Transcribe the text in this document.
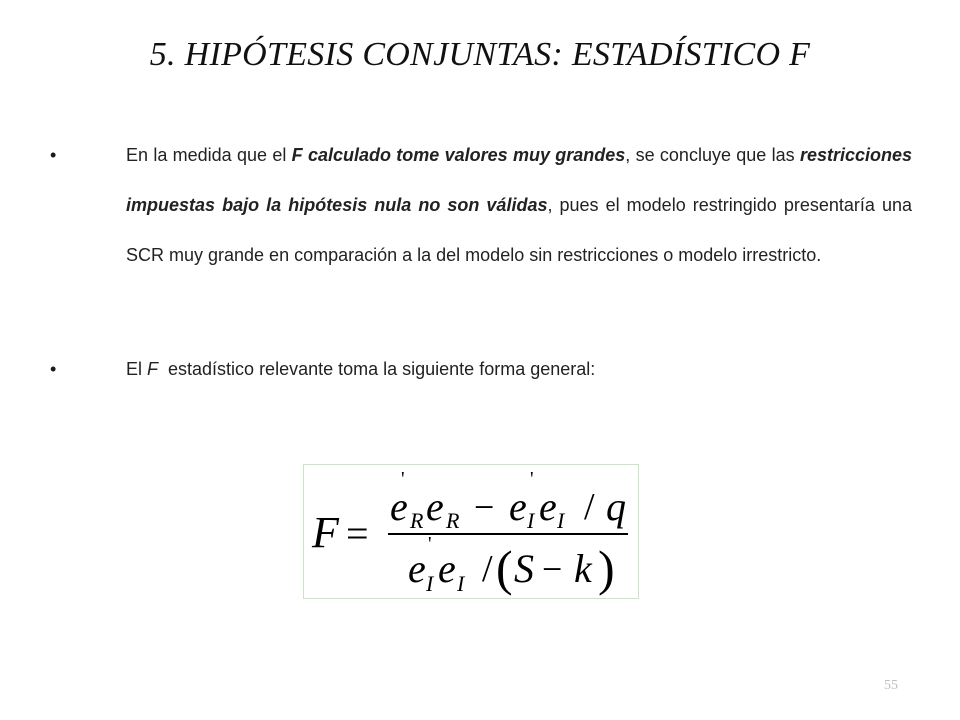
5. HIPÓTESIS CONJUNTAS: ESTADÍSTICO F
•	En la medida que el F calculado tome valores muy grandes, se concluye que las restricciones impuestas bajo la hipótesis nula no son válidas, pues el modelo restringido presentaría una SCR muy grande en comparación a la del modelo sin restricciones o modelo irrestricto.
•	El F  estadístico relevante toma la siguiente forma general:
F =
e
'
R e R − e
'
I e I / q
e
'
I e I / ( S − k )
55
